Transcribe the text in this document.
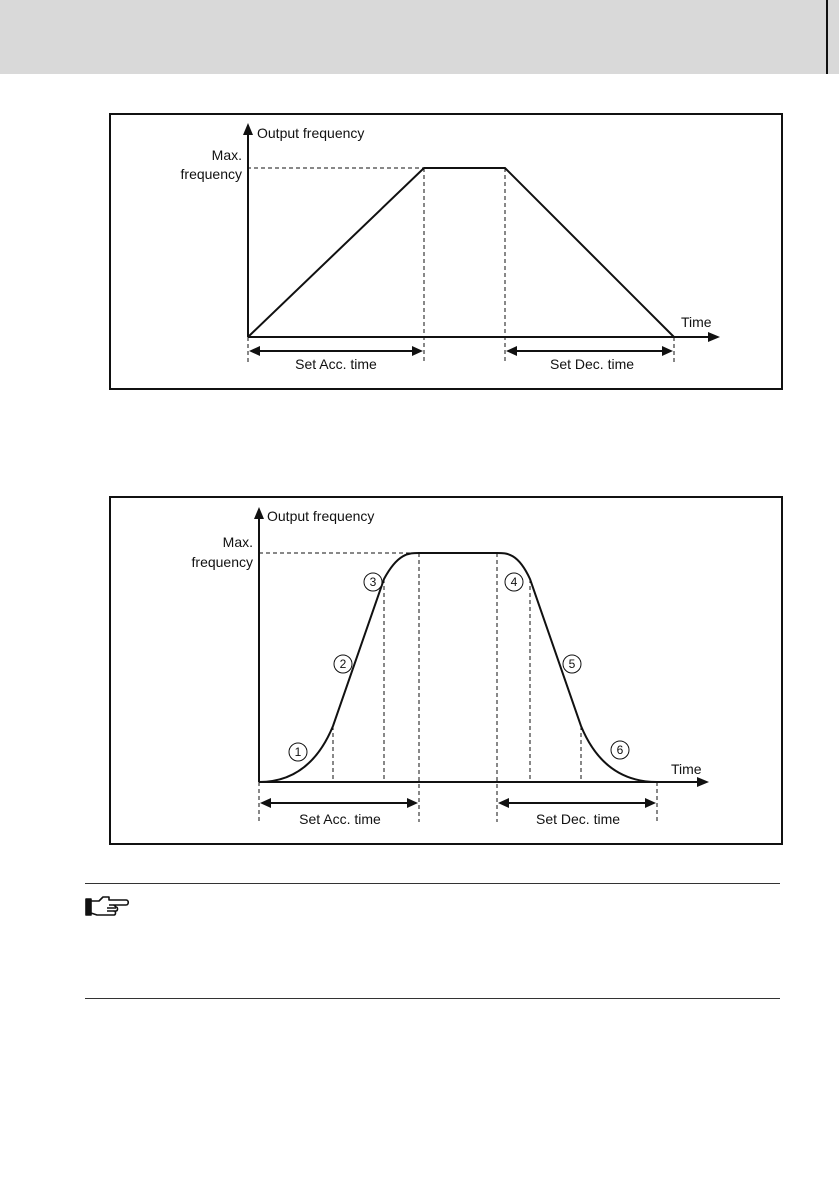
Output frequency
Max.
frequency
Time
Set Acc. time	Set Dec. time
1
2
3	4
5
6
Output frequency
Max.
frequency
Time
Set Acc. time	Set Dec. time
